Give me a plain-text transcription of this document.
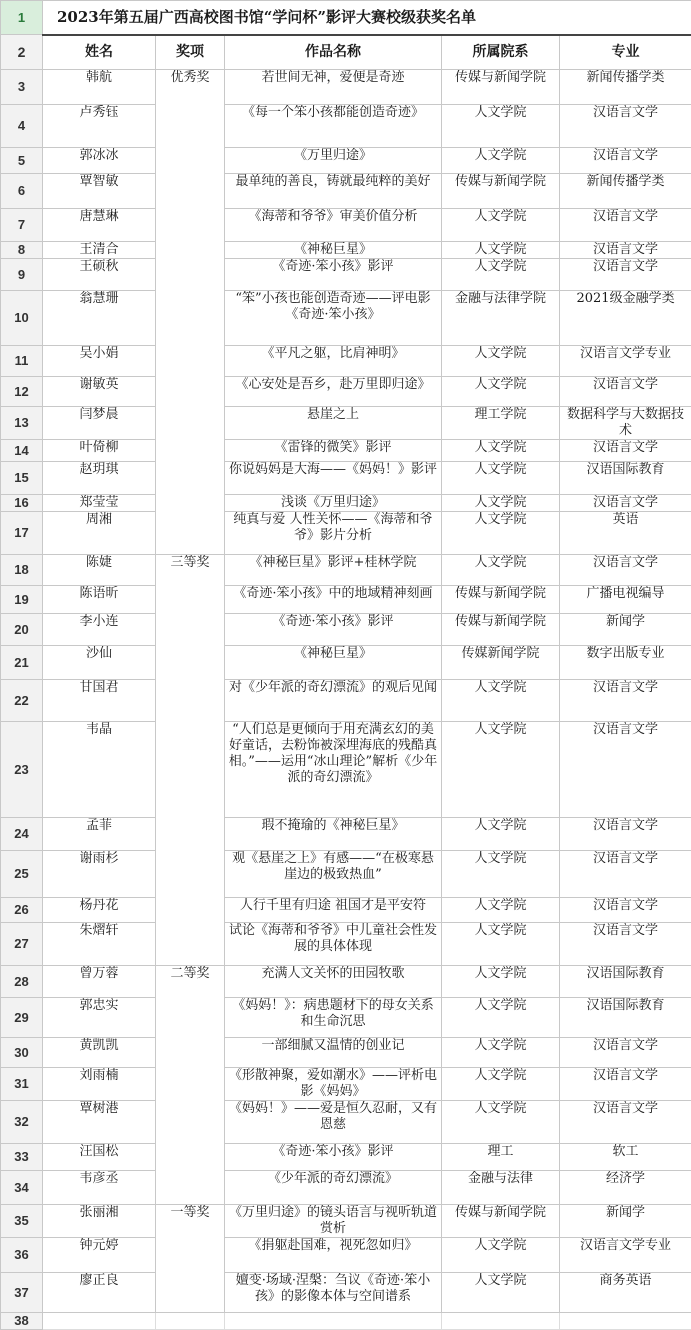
1	2023年第五届广西高校图书馆“学问杯”影评大赛校级获奖名单				
2	姓名	奖项	作品名称	所属院系	专业
3	韩航	优秀奖	若世间无神，爱便是奇迹	传媒与新闻学院	新闻传播学类
4	卢秀钰		《每一个笨小孩都能创造奇迹》	人文学院	汉语言文学
5	郭冰冰		《万里归途》	人文学院	汉语言文学
6	覃智敏		最单纯的善良，铸就最纯粹的美好	传媒与新闻学院	新闻传播学类
7	唐慧琳		《海蒂和爷爷》审美价值分析	人文学院	汉语言文学
8	王清合		《神秘巨星》	人文学院	汉语言文学
9	王硕秋		《奇迹·笨小孩》影评	人文学院	汉语言文学
10	翁慧珊		“笨”小孩也能创造奇迹——评电影《奇迹·笨小孩》	金融与法律学院	2021级金融学类
11	吴小娟		《平凡之躯，比肩神明》	人文学院	汉语言文学专业
12	谢敏英		《心安处是吾乡，赴万里即归途》	人文学院	汉语言文学
13	闫梦晨		悬崖之上	理工学院	数据科学与大数据技术
14	叶倚柳		《雷锋的微笑》影评	人文学院	汉语言文学
15	赵玥琪		你说妈妈是大海——《妈妈！》影评	人文学院	汉语国际教育
16	郑莹莹		浅谈《万里归途》	人文学院	汉语言文学
17	周湘		纯真与爱 人性关怀——《海蒂和爷爷》影片分析	人文学院	英语
18	陈婕	三等奖	《神秘巨星》影评+桂林学院	人文学院	汉语言文学
19	陈语昕		《奇迹·笨小孩》中的地域精神刻画	传媒与新闻学院	广播电视编导
20	李小连		《奇迹·笨小孩》影评	传媒与新闻学院	新闻学
21	沙仙		《神秘巨星》	传媒新闻学院	数字出版专业
22	甘国君		对《少年派的奇幻漂流》的观后见闻	人文学院	汉语言文学
23	韦晶		“人们总是更倾向于用充满玄幻的美好童话，去粉饰被深埋海底的残酷真相。”——运用“冰山理论”解析《少年派的奇幻漂流》	人文学院	汉语言文学
24	孟菲		瑕不掩瑜的《神秘巨星》	人文学院	汉语言文学
25	谢雨杉		观《悬崖之上》有感——“在极寒悬崖边的极致热血”	人文学院	汉语言文学
26	杨丹花		人行千里有归途 祖国才是平安符	人文学院	汉语言文学
27	朱熠轩		试论《海蒂和爷爷》中儿童社会性发展的具体体现	人文学院	汉语言文学
28	曾万蓉	二等奖	充满人文关怀的田园牧歌	人文学院	汉语国际教育
29	郭忠实		《妈妈！》：病患题材下的母女关系和生命沉思	人文学院	汉语国际教育
30	黄凯凯		一部细腻又温情的创业记	人文学院	汉语言文学
31	刘雨楠		《形散神聚，爱如潮水》——评析电影《妈妈》	人文学院	汉语言文学
32	覃树港		《妈妈！》——爱是恒久忍耐，又有恩慈	人文学院	汉语言文学
33	汪国松		《奇迹·笨小孩》影评	理工	软工
34	韦彦丞		《少年派的奇幻漂流》	金融与法律	经济学
35	张丽湘	一等奖	《万里归途》的镜头语言与视听轨道赏析	传媒与新闻学院	新闻学
36	钟元婷		《捐躯赴国难，视死忽如归》	人文学院	汉语言文学专业
37	廖正良		嬗变·场域·涅槃：刍议《奇迹·笨小孩》的影像本体与空间谱系	人文学院	商务英语
38					
